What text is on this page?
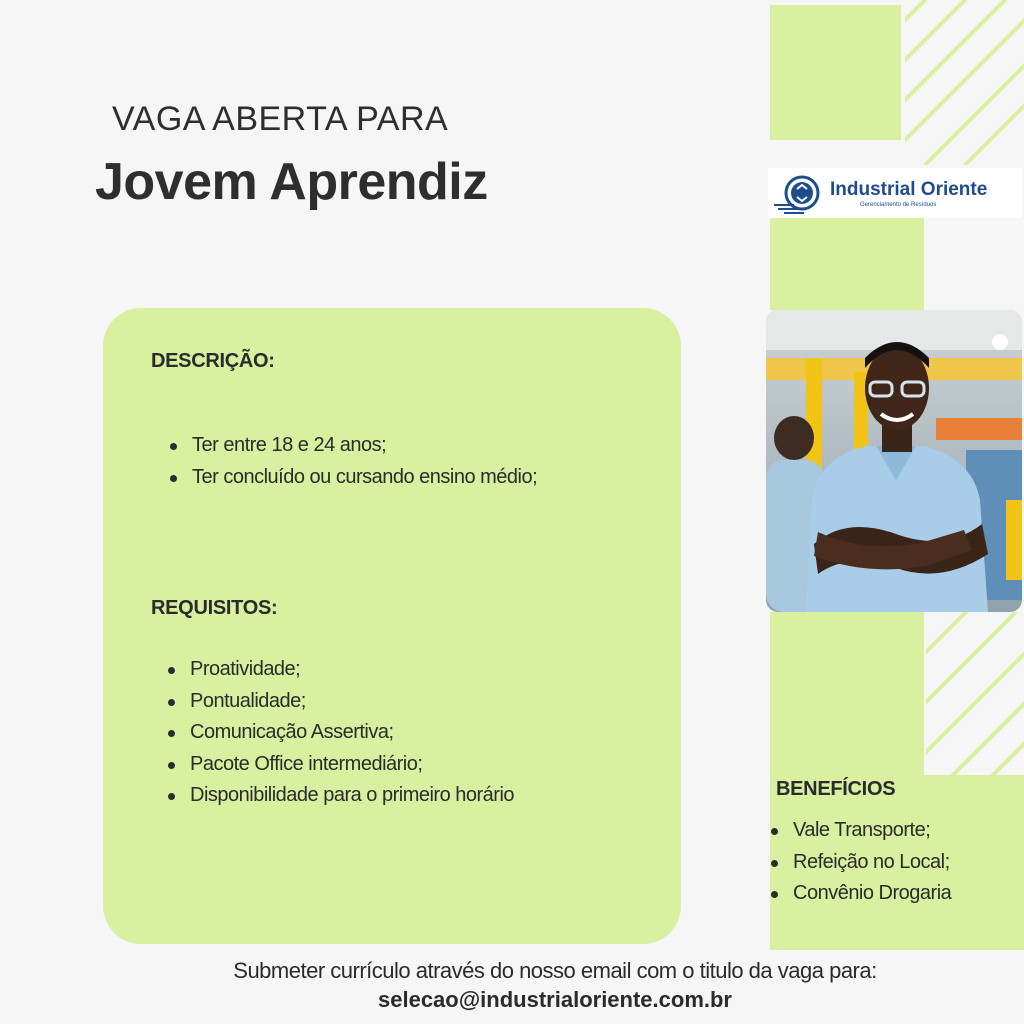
VAGA ABERTA PARA
Jovem Aprendiz	Industrial Oriente
Gerenciamento de Resíduos
DESCRIÇÃO:
Ter entre 18 e 24 anos;
Ter concluído ou cursando ensino médio;
REQUISITOS:
Proatividade;
Pontualidade;
Comunicação Assertiva;
Pacote Office intermediário;
Disponibilidade para o primeiro horário	BENEFÍCIOS
Vale Transporte;
Refeição no Local;
Convênio Drogaria
Submeter currículo através do nosso email com o titulo da vaga para:
selecao@industrialoriente.com.br
